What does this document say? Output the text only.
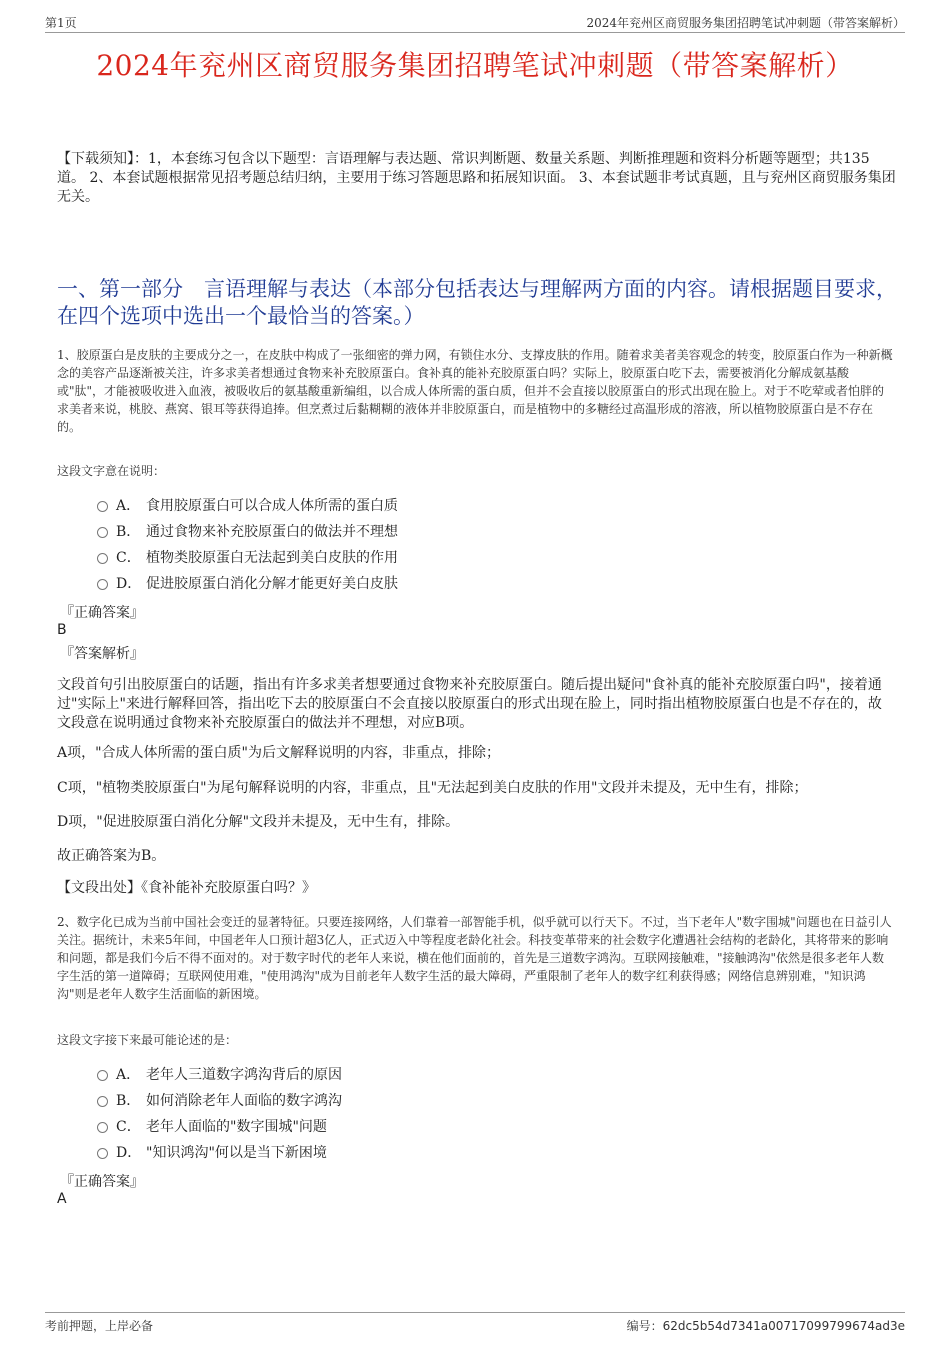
第1页	2024年兖州区商贸服务集团招聘笔试冲刺题（带答案解析）
2024年兖州区商贸服务集团招聘笔试冲刺题（带答案解析）
【下载须知】：1，本套练习包含以下题型：言语理解与表达题、常识判断题、数量关系题、判断推理题和资料分析题等题型；共135道。 2、本套试题根据常见招考题总结归纳，主要用于练习答题思路和拓展知识面。 3、本套试题非考试真题，且与兖州区商贸服务集团无关。
一、第一部分　言语理解与表达（本部分包括表达与理解两方面的内容。请根据题目要求，在四个选项中选出一个最恰当的答案。）
1、胶原蛋白是皮肤的主要成分之一，在皮肤中构成了一张细密的弹力网，有锁住水分、支撑皮肤的作用。随着求美者美容观念的转变，胶原蛋白作为一种新概念的美容产品逐渐被关注，许多求美者想通过食物来补充胶原蛋白。食补真的能补充胶原蛋白吗？实际上，胶原蛋白吃下去，需要被消化分解成氨基酸或"肽"，才能被吸收进入血液，被吸收后的氨基酸重新编组，以合成人体所需的蛋白质，但并不会直接以胶原蛋白的形式出现在脸上。对于不吃荤或者怕胖的求美者来说，桃胶、燕窝、银耳等获得追捧。但烹煮过后黏糊糊的液体并非胶原蛋白，而是植物中的多糖经过高温形成的溶液，所以植物胶原蛋白是不存在的。
这段文字意在说明：
A． 食用胶原蛋白可以合成人体所需的蛋白质
B． 通过食物来补充胶原蛋白的做法并不理想
C． 植物类胶原蛋白无法起到美白皮肤的作用
D． 促进胶原蛋白消化分解才能更好美白皮肤
『正确答案』
B
『答案解析』
文段首句引出胶原蛋白的话题，指出有许多求美者想要通过食物来补充胶原蛋白。随后提出疑问"食补真的能补充胶原蛋白吗"，接着通过"实际上"来进行解释回答，指出吃下去的胶原蛋白不会直接以胶原蛋白的形式出现在脸上，同时指出植物胶原蛋白也是不存在的，故文段意在说明通过食物来补充胶原蛋白的做法并不理想，对应B项。
A项，"合成人体所需的蛋白质"为后文解释说明的内容，非重点，排除；
C项，"植物类胶原蛋白"为尾句解释说明的内容，非重点，且"无法起到美白皮肤的作用"文段并未提及，无中生有，排除；
D项，"促进胶原蛋白消化分解"文段并未提及，无中生有，排除。
故正确答案为B。
【文段出处】《食补能补充胶原蛋白吗？》
2、数字化已成为当前中国社会变迁的显著特征。只要连接网络，人们靠着一部智能手机，似乎就可以行天下。不过，当下老年人"数字围城"问题也在日益引人关注。据统计，未来5年间，中国老年人口预计超3亿人，正式迈入中等程度老龄化社会。科技变革带来的社会数字化遭遇社会结构的老龄化，其将带来的影响和问题，都是我们今后不得不面对的。对于数字时代的老年人来说，横在他们面前的，首先是三道数字鸿沟。互联网接触难，"接触鸿沟"依然是很多老年人数字生活的第一道障碍；互联网使用难，"使用鸿沟"成为目前老年人数字生活的最大障碍，严重限制了老年人的数字红利获得感；网络信息辨别难，"知识鸿沟"则是老年人数字生活面临的新困境。
这段文字接下来最可能论述的是：
A． 老年人三道数字鸿沟背后的原因
B． 如何消除老年人面临的数字鸿沟
C． 老年人面临的"数字围城"问题
D． "知识鸿沟"何以是当下新困境
『正确答案』
A
考前押题，上岸必备	编号：62dc5b54d7341a00717099799674ad3e
